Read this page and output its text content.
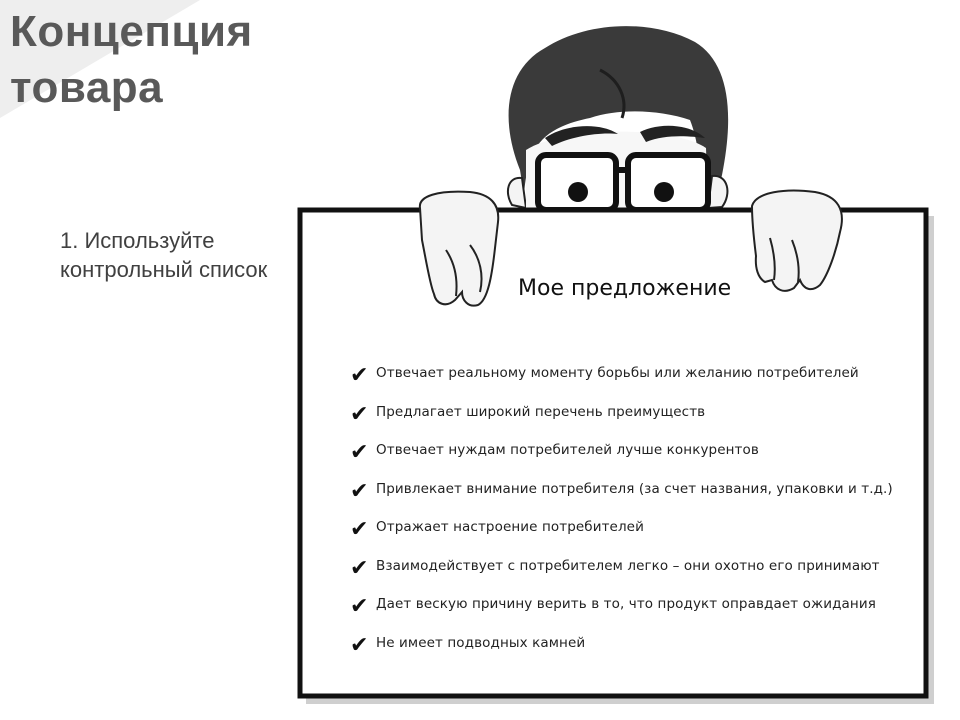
Концепция
товара
1. Используйте контрольный список
Мое предложение
✔ Отвечает реальному моменту борьбы или желанию потребителей
✔ Предлагает широкий перечень преимуществ
✔ Отвечает нуждам потребителей лучше конкурентов
✔ Привлекает внимание потребителя (за счет названия, упаковки и т.д.)
✔ Отражает настроение потребителей
✔ Взаимодействует с потребителем легко – они охотно его принимают
✔ Дает вескую причину верить в то, что продукт оправдает ожидания
✔ Не имеет подводных камней
